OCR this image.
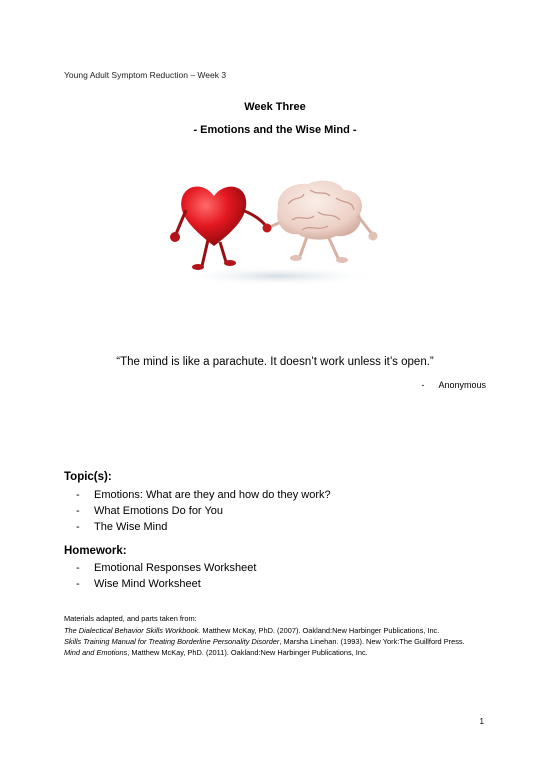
Young Adult Symptom Reduction – Week 3
Week Three
- Emotions and the Wise Mind -
“The mind is like a parachute. It doesn’t work unless it’s open.”
- Anonymous
Topic(s):
- Emotions: What are they and how do they work?
- What Emotions Do for You
- The Wise Mind
Homework:
- Emotional Responses Worksheet
- Wise Mind Worksheet
Materials adapted, and parts taken from:
The Dialectical Behavior Skills Workbook. Matthew McKay, PhD. (2007). Oakland:New Harbinger Publications, Inc.
Skills Training Manual for Treating Borderline Personality Disorder, Marsha Linehan. (1993). New York:The Guillford Press.
Mind and Emotions, Matthew McKay, PhD. (2011). Oakland:New Harbinger Publications, Inc.
1
